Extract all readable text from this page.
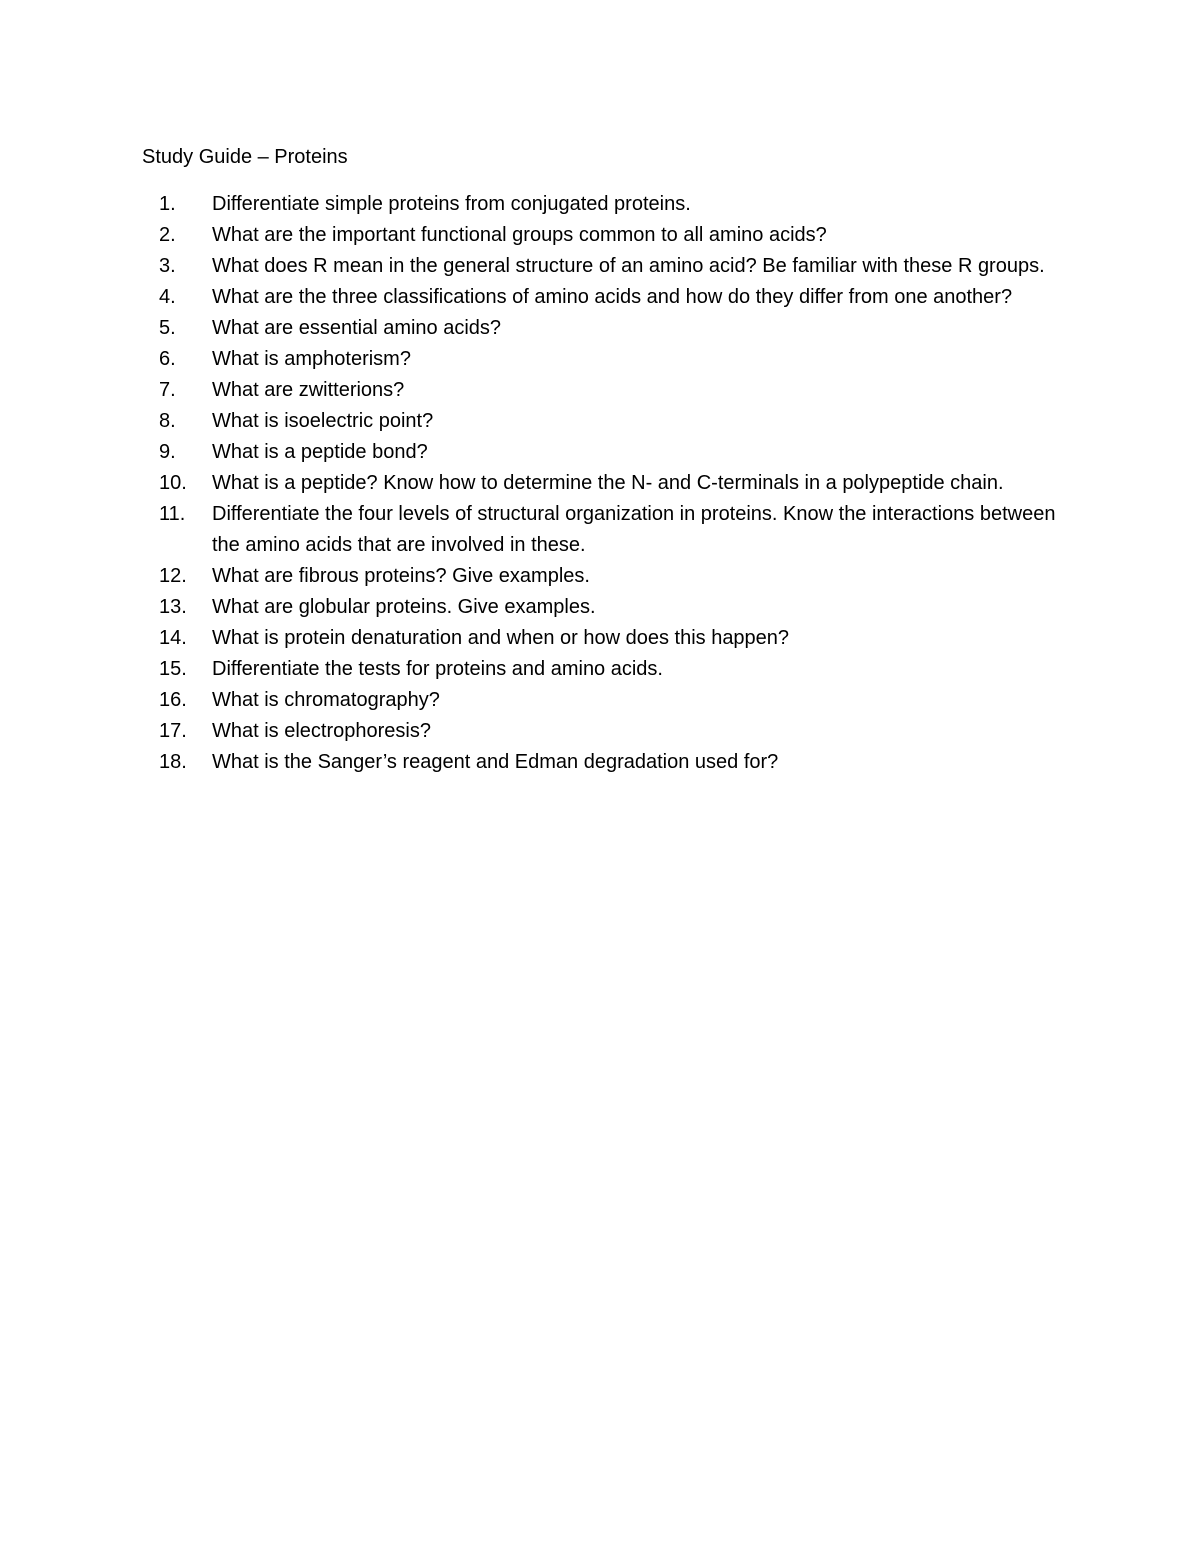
Study Guide – Proteins
1.	Differentiate simple proteins from conjugated proteins.
2.	What are the important functional groups common to all amino acids?
3.	What does R mean in the general structure of an amino acid? Be familiar with these R groups.
4.	What are the three classifications of amino acids and how do they differ from one another?
5.	What are essential amino acids?
6.	What is amphoterism?
7.	What are zwitterions?
8.	What is isoelectric point?
9.	What is a peptide bond?
10.	What is a peptide? Know how to determine the N- and C-terminals in a polypeptide chain.
11.	Differentiate the four levels of structural organization in proteins. Know the interactions between the amino acids that are involved in these.
12.	What are fibrous proteins? Give examples.
13.	What are globular proteins. Give examples.
14.	What is protein denaturation and when or how does this happen?
15.	Differentiate the tests for proteins and amino acids.
16.	What is chromatography?
17.	What is electrophoresis?
18.	What is the Sanger’s reagent and Edman degradation used for?
